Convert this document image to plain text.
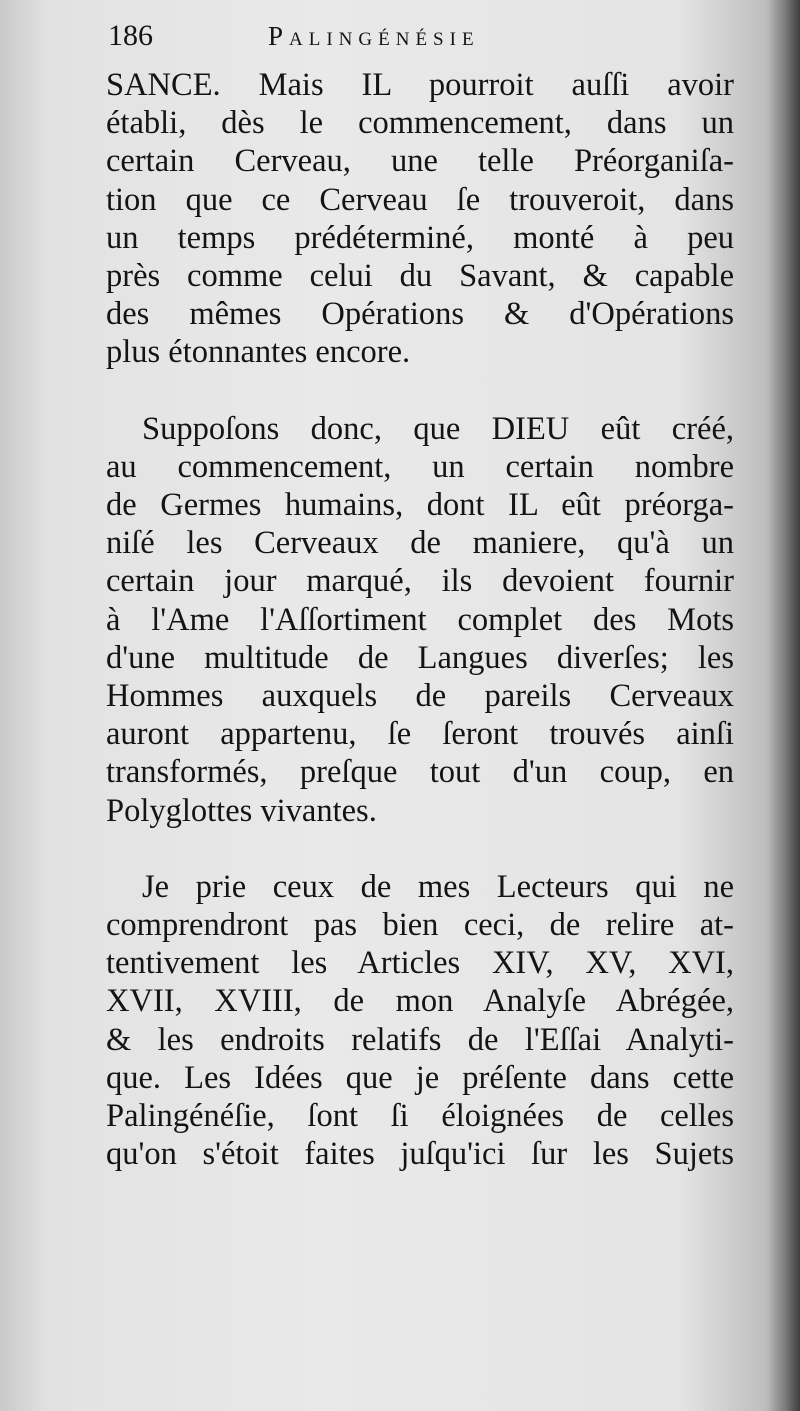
186	Palingénésie
SANCE. Mais IL pourroit auſſi avoir
établi, dès le commencement, dans un
certain Cerveau, une telle Préorganiſa-
tion que ce Cerveau ſe trouveroit, dans
un temps prédéterminé, monté à peu
près comme celui du Savant, & capable
des mêmes Opérations & d'Opérations
plus étonnantes encore.
Suppoſons donc, que DIEU eût créé,
au commencement, un certain nombre
de Germes humains, dont IL eût préorga-
niſé les Cerveaux de maniere, qu'à un
certain jour marqué, ils devoient fournir
à l'Ame l'Aſſortiment complet des Mots
d'une multitude de Langues diverſes; les
Hommes auxquels de pareils Cerveaux
auront appartenu, ſe ſeront trouvés ainſi
transformés, preſque tout d'un coup, en
Polyglottes vivantes.
Je prie ceux de mes Lecteurs qui ne
comprendront pas bien ceci, de relire at-
tentivement les Articles XIV, XV, XVI,
XVII, XVIII, de mon Analyſe Abrégée,
& les endroits relatifs de l'Eſſai Analyti-
que. Les Idées que je préſente dans cette
Palingénéſie, ſont ſi éloignées de celles
qu'on s'étoit faites juſqu'ici ſur les Sujets
